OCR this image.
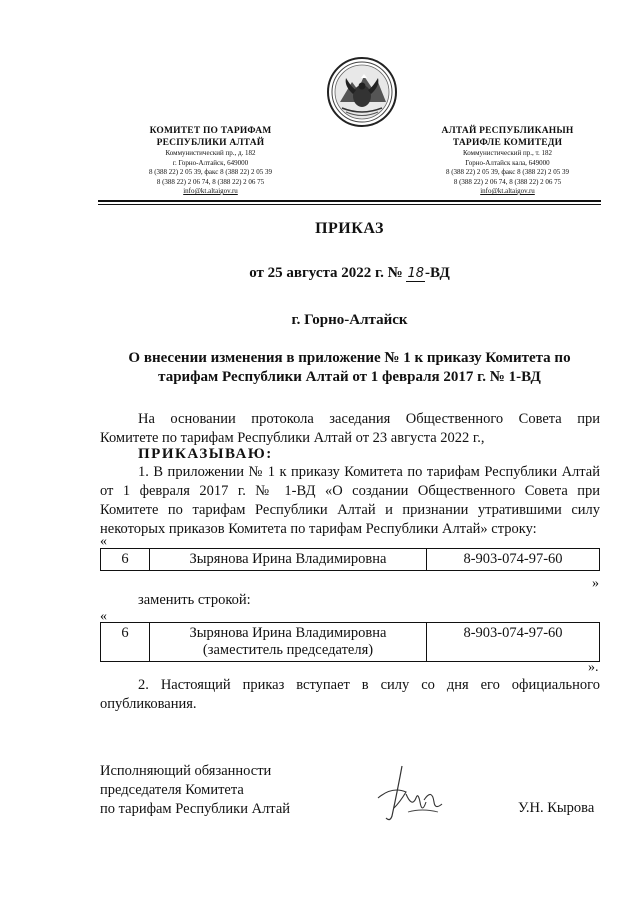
КОМИТЕТ ПО ТАРИФАМ
РЕСПУБЛИКИ АЛТАЙ
Коммунистический пр., д. 182
г. Горно-Алтайск, 649000
8 (388 22) 2 05 39, факс 8 (388 22) 2 05 39
8 (388 22) 2 06 74, 8 (388 22) 2 06 75
info@kt.altaigov.ru
АЛТАЙ РЕСПУБЛИКАНЫН
ТАРИФЛЕ КОМИТЕДИ
Коммунистический пр., т. 182
Горно-Алтайск кала, 649000
8 (388 22) 2 05 39, факс 8 (388 22) 2 05 39
8 (388 22) 2 06 74, 8 (388 22) 2 06 75
info@kt.altaigov.ru
ПРИКАЗ
от 25 августа 2022 г. № 18-ВД
г. Горно-Алтайск
О внесении изменения в приложение № 1 к приказу Комитета по
тарифам Республики Алтай от 1 февраля 2017 г. № 1-ВД
На основании протокола заседания Общественного Совета при
Комитете по тарифам Республики Алтай от 23 августа 2022 г.,
ПРИКАЗЫВАЮ:
1. В приложении № 1 к приказу Комитета по тарифам Республики Алтай
от 1 февраля 2017 г. № 1-ВД «О создании Общественного Совета при
Комитете по тарифам Республики Алтай и признании утратившими силу
некоторых приказов Комитета по тарифам Республики Алтай» строку:
«
6	Зырянова Ирина Владимировна	8-903-074-97-60
»
заменить строкой:
«
6	Зырянова Ирина Владимировна
(заместитель председателя)
	8-903-074-97-60
».
2. Настоящий приказ вступает в силу со дня его официального
опубликования.
Исполняющий обязанности
председателя Комитета
по тарифам Республики Алтай	У.Н. Кырова
